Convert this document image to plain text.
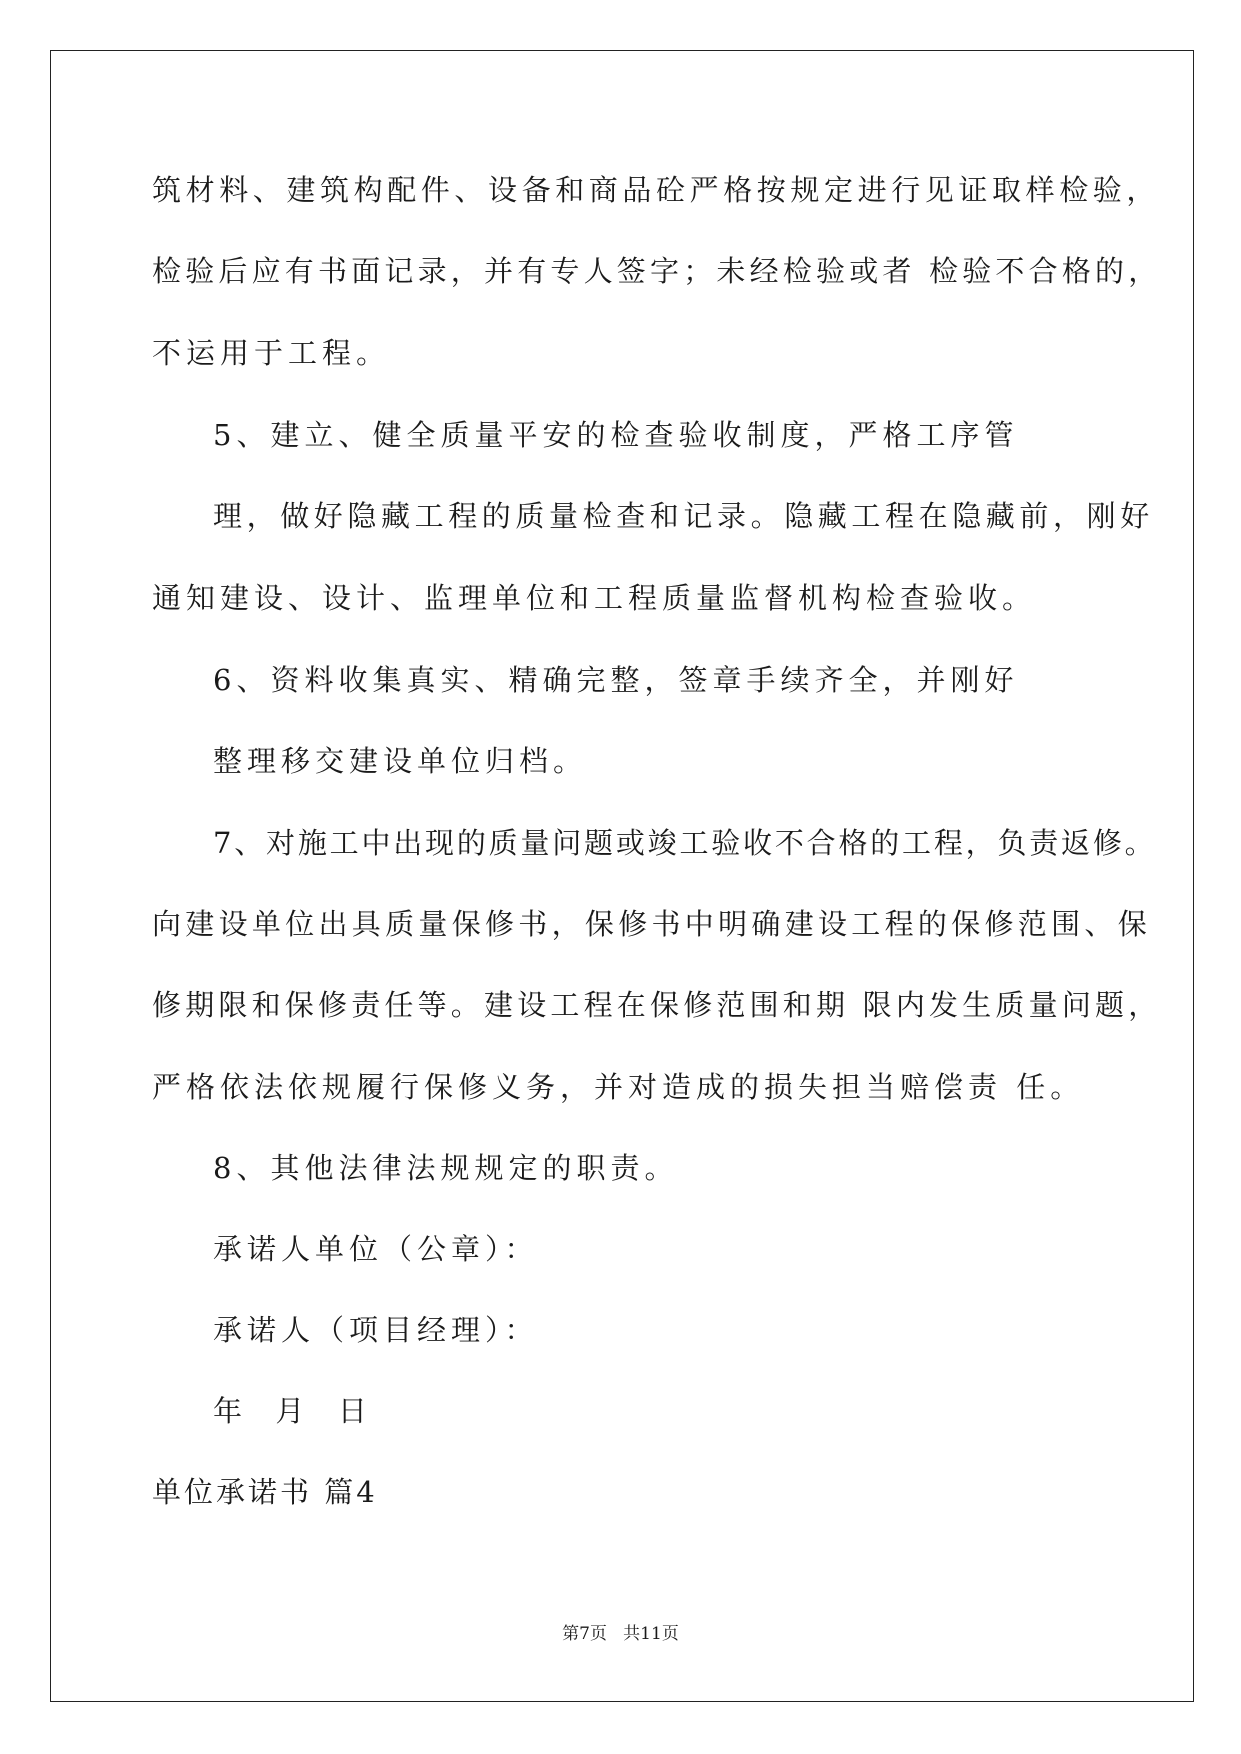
筑材料、建筑构配件、设备和商品砼严格按规定进行见证取样检验，
检验后应有书面记录，并有专人签字；未经检验或者 检验不合格的，
不运用于工程。
5、建立、健全质量平安的检查验收制度，严格工序管
理，做好隐藏工程的质量检查和记录。隐藏工程在隐藏前，刚好
通知建设、设计、监理单位和工程质量监督机构检查验收。
6、资料收集真实、精确完整，签章手续齐全，并刚好
整理移交建设单位归档。
7、对施工中出现的质量问题或竣工验收不合格的工程，负责返修。
向建设单位出具质量保修书，保修书中明确建设工程的保修范围、保
修期限和保修责任等。建设工程在保修范围和期 限内发生质量问题，
严格依法依规履行保修义务，并对造成的损失担当赔偿责 任。
8、其他法律法规规定的职责。
承诺人单位（公章）：
承诺人（项目经理）：
年  月  日
单位承诺书 篇4
第7页   共11页
